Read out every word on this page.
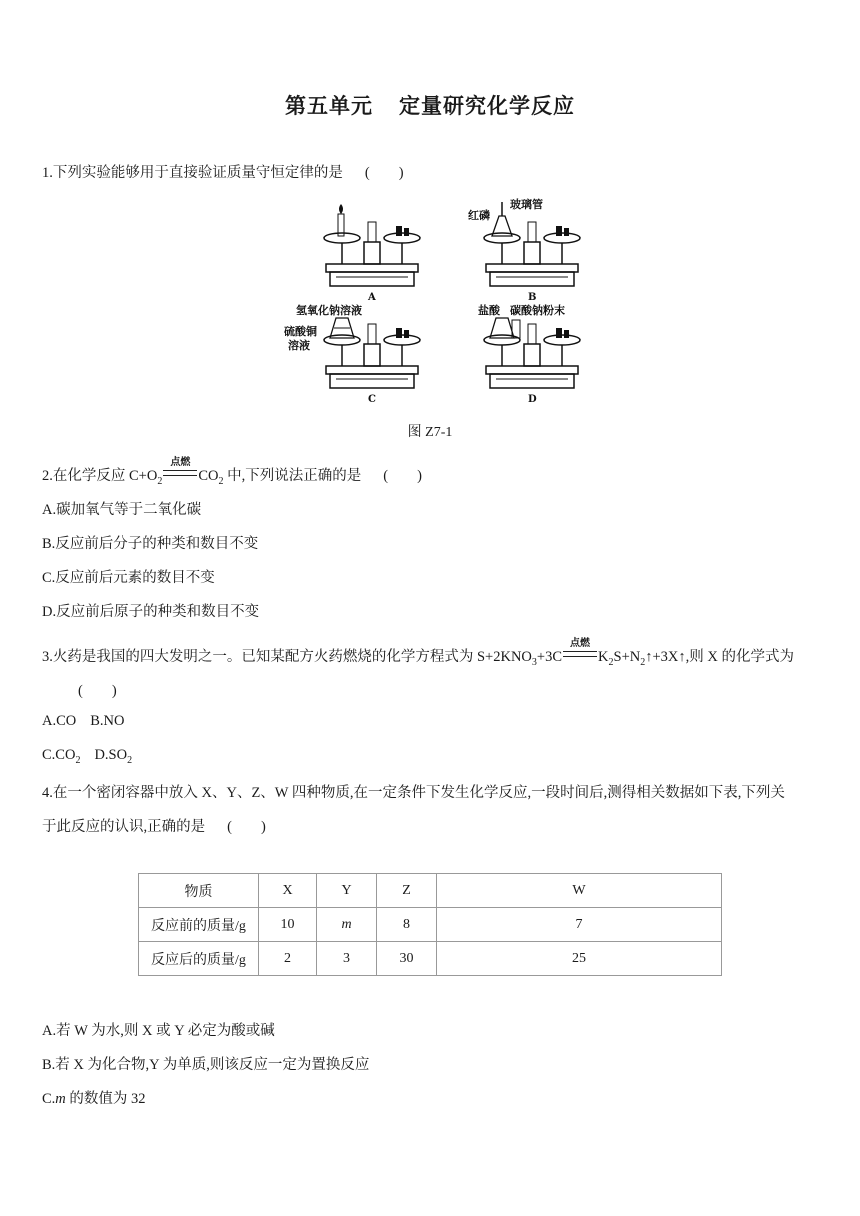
第五单元 定量研究化学反应
1.下列实验能够用于直接验证质量守恒定律的是 (　　)
A	B
红磷
玻璃管
C
氢氧化钠溶液
硫酸铜
溶液
D
盐酸 碳酸钠粉末
图 Z7-1
2.在化学反应 $C+O_2$
点燃
$CO_2$ 中,下列说法正确的是 (　　)
A.碳加氧气等于二氧化碳
B.反应前后分子的种类和数目不变
C.反应前后元素的数目不变
D.反应前后原子的种类和数目不变
3.火药是我国的四大发明之一。已知某配方火药燃烧的化学方程式为 $S+2KNO_3+3C$
点燃
$K_2S+N_2↑+3X↑$,则 X 的化学式为
(　　)
A.CO B.NO
$C.CO_2$ $D.SO_2$
4.在一个密闭容器中放入 X、Y、Z、W 四种物质,在一定条件下发生化学反应,一段时间后,测得相关数据如下表,下列关
于此反应的认识,正确的是 (　　)
物质	X	Y	Z	W
反应前的质量/g	10	m	8	7
反应后的质量/g	2	3	30	25
A.若 W 为水,则 X 或 Y 必定为酸或碱
B.若 X 为化合物,Y 为单质,则该反应一定为置换反应
C.m 的数值为 32
